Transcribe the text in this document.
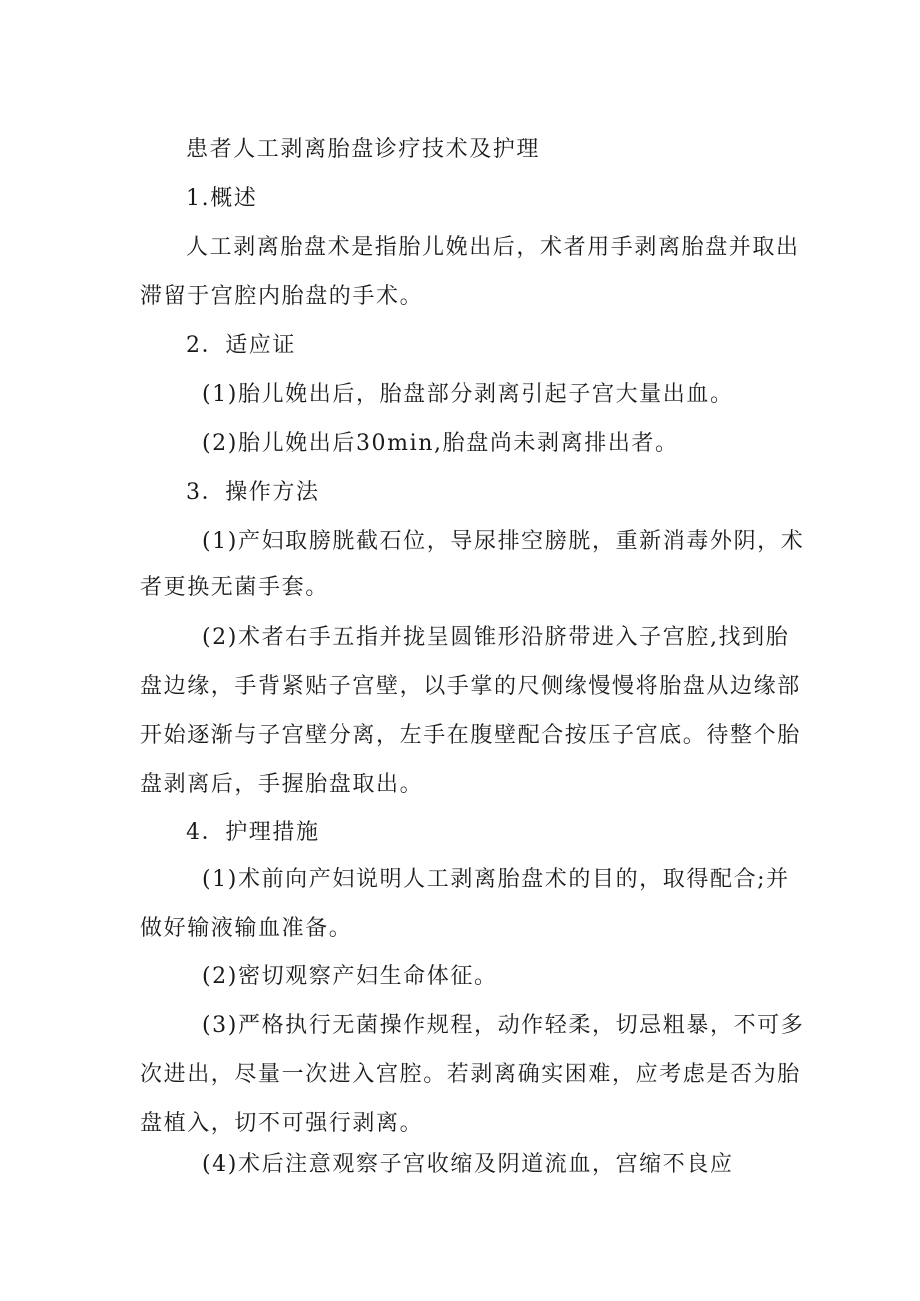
患者人工剥离胎盘诊疗技术及护理
1.概述
人工剥离胎盘术是指胎儿娩出后，术者用手剥离胎盘并取出
滞留于宫腔内胎盘的手术。
2．适应证
(1)胎儿娩出后，胎盘部分剥离引起子宫大量出血。
(2)胎儿娩出后30min,胎盘尚未剥离排出者。
3．操作方法
(1)产妇取膀胱截石位，导尿排空膀胱，重新消毒外阴，术
者更换无菌手套。
(2)术者右手五指并拢呈圆锥形沿脐带进入子宫腔,找到胎
盘边缘，手背紧贴子宫壁，以手掌的尺侧缘慢慢将胎盘从边缘部
开始逐渐与子宫壁分离，左手在腹壁配合按压子宫底。待整个胎
盘剥离后，手握胎盘取出。
4．护理措施
(1)术前向产妇说明人工剥离胎盘术的目的，取得配合;并
做好输液输血准备。
(2)密切观察产妇生命体征。
(3)严格执行无菌操作规程，动作轻柔，切忌粗暴，不可多
次进出，尽量一次进入宫腔。若剥离确实困难，应考虑是否为胎
盘植入，切不可强行剥离。
(4)术后注意观察子宫收缩及阴道流血，宫缩不良应
